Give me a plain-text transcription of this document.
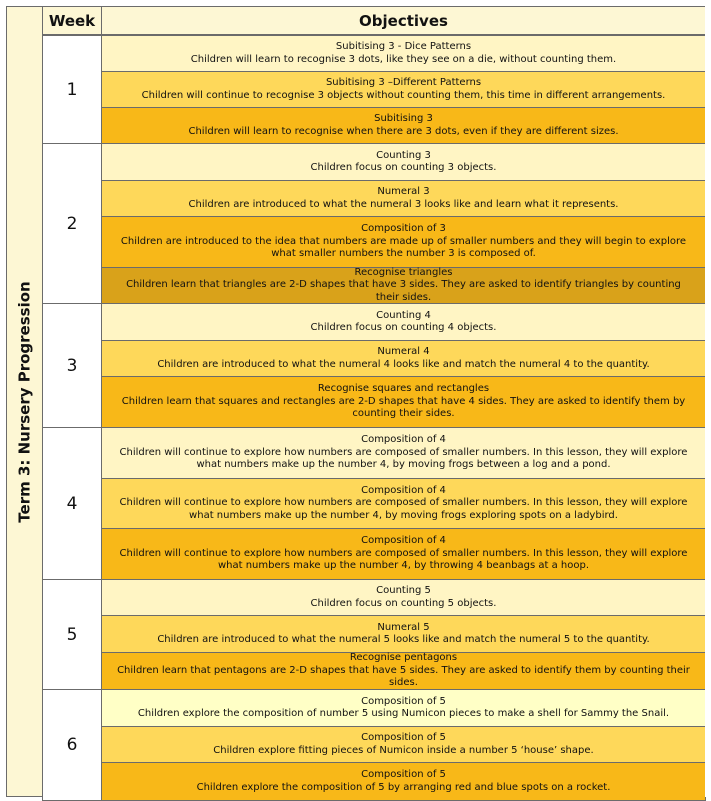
Term 3: Nursery Progression
Week	Objectives
1
Subitising 3 - Dice Patterns
Children will learn to recognise 3 dots, like they see on a die, without counting them.
Subitising 3 –Different Patterns
Children will continue to recognise 3 objects without counting them, this time in different arrangements.
Subitising 3
Children will learn to recognise when there are 3 dots, even if they are different sizes.
2
Counting 3
Children focus on counting 3 objects.
Numeral 3
Children are introduced to what the numeral 3 looks like and learn what it represents.
Composition of 3
Children are introduced to the idea that numbers are made up of smaller numbers and they will begin to explore what smaller numbers the number 3 is composed of.
Recognise triangles
Children learn that triangles are 2-D shapes that have 3 sides. They are asked to identify triangles by counting their sides.
3
Counting 4
Children focus on counting 4 objects.
Numeral 4
Children are introduced to what the numeral 4 looks like and match the numeral 4 to the quantity.
Recognise squares and rectangles
Children learn that squares and rectangles are 2-D shapes that have 4 sides. They are asked to identify them by counting their sides.
4
Composition of 4
Children will continue to explore how numbers are composed of smaller numbers. In this lesson, they will explore what numbers make up the number 4, by moving frogs between a log and a pond.
Composition of 4
Children will continue to explore how numbers are composed of smaller numbers. In this lesson, they will explore what numbers make up the number 4, by moving frogs exploring spots on a ladybird.
Composition of 4
Children will continue to explore how numbers are composed of smaller numbers. In this lesson, they will explore what numbers make up the number 4, by throwing 4 beanbags at a hoop.
5
Counting 5
Children focus on counting 5 objects.
Numeral 5
Children are introduced to what the numeral 5 looks like and match the numeral 5 to the quantity.
Recognise pentagons
Children learn that pentagons are 2-D shapes that have 5 sides. They are asked to identify them by counting their sides.
6
Composition of 5
Children explore the composition of number 5 using Numicon pieces to make a shell for Sammy the Snail.
Composition of 5
Children explore fitting pieces of Numicon inside a number 5 ‘house’ shape.
Composition of 5
Children explore the composition of 5 by arranging red and blue spots on a rocket.
